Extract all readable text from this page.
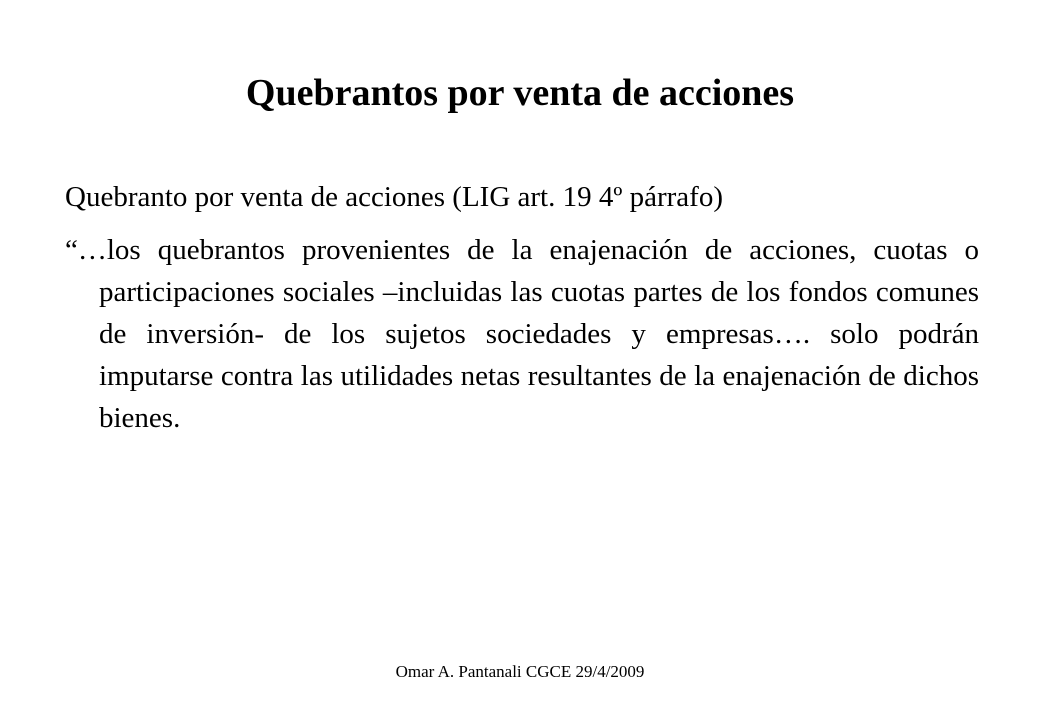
Quebrantos por venta de acciones

Quebranto por venta de acciones (LIG art. 19 4º párrafo)

“…los quebrantos provenientes de la enajenación de acciones, cuotas o participaciones sociales –incluidas las cuotas partes de los fondos comunes de inversión- de los sujetos sociedades y empresas…. solo podrán imputarse contra las utilidades netas resultantes de la enajenación de dichos bienes.

Omar A. Pantanali CGCE 29/4/2009
